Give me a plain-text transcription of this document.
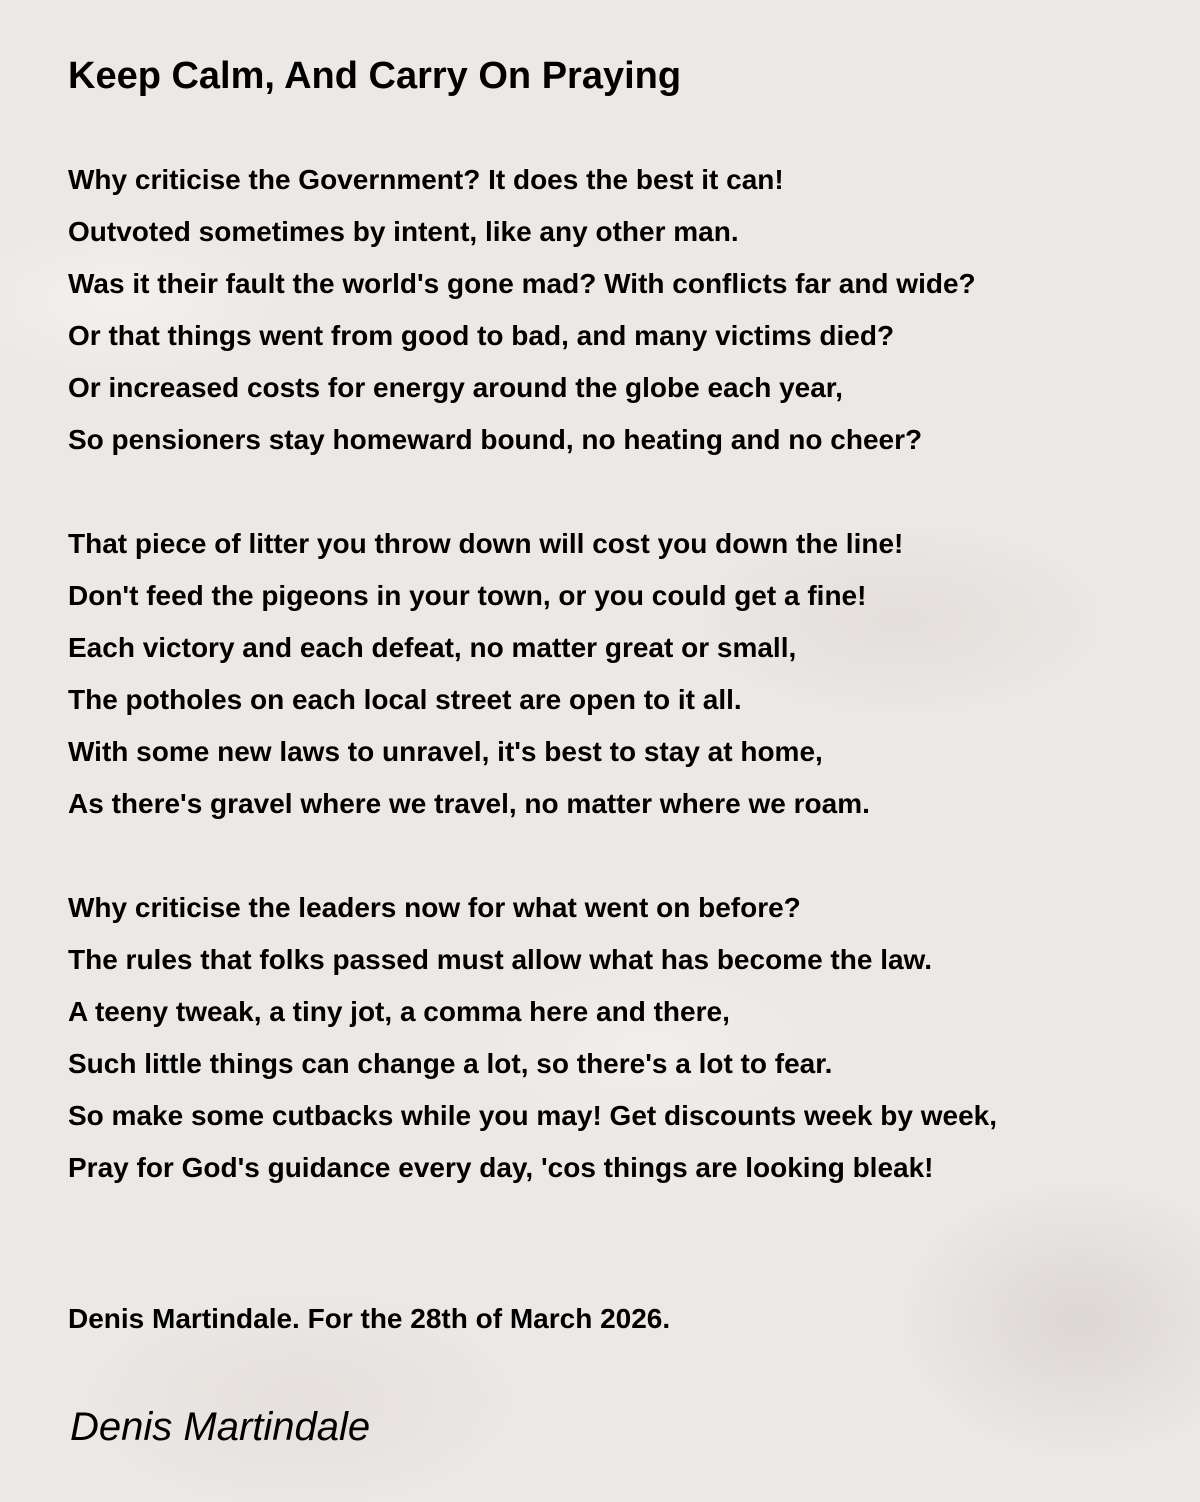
Keep Calm, And Carry On Praying
Why criticise the Government? It does the best it can!
Outvoted sometimes by intent, like any other man.
Was it their fault the world's gone mad? With conflicts far and wide?
Or that things went from good to bad, and many victims died?
Or increased costs for energy around the globe each year,
So pensioners stay homeward bound, no heating and no cheer?
That piece of litter you throw down will cost you down the line!
Don't feed the pigeons in your town, or you could get a fine!
Each victory and each defeat, no matter great or small,
The potholes on each local street are open to it all.
With some new laws to unravel, it's best to stay at home,
As there's gravel where we travel, no matter where we roam.
Why criticise the leaders now for what went on before?
The rules that folks passed must allow what has become the law.
A teeny tweak, a tiny jot, a comma here and there,
Such little things can change a lot, so there's a lot to fear.
So make some cutbacks while you may! Get discounts week by week,
Pray for God's guidance every day, 'cos things are looking bleak!
Denis Martindale. For the 28th of March 2026.
Denis Martindale
